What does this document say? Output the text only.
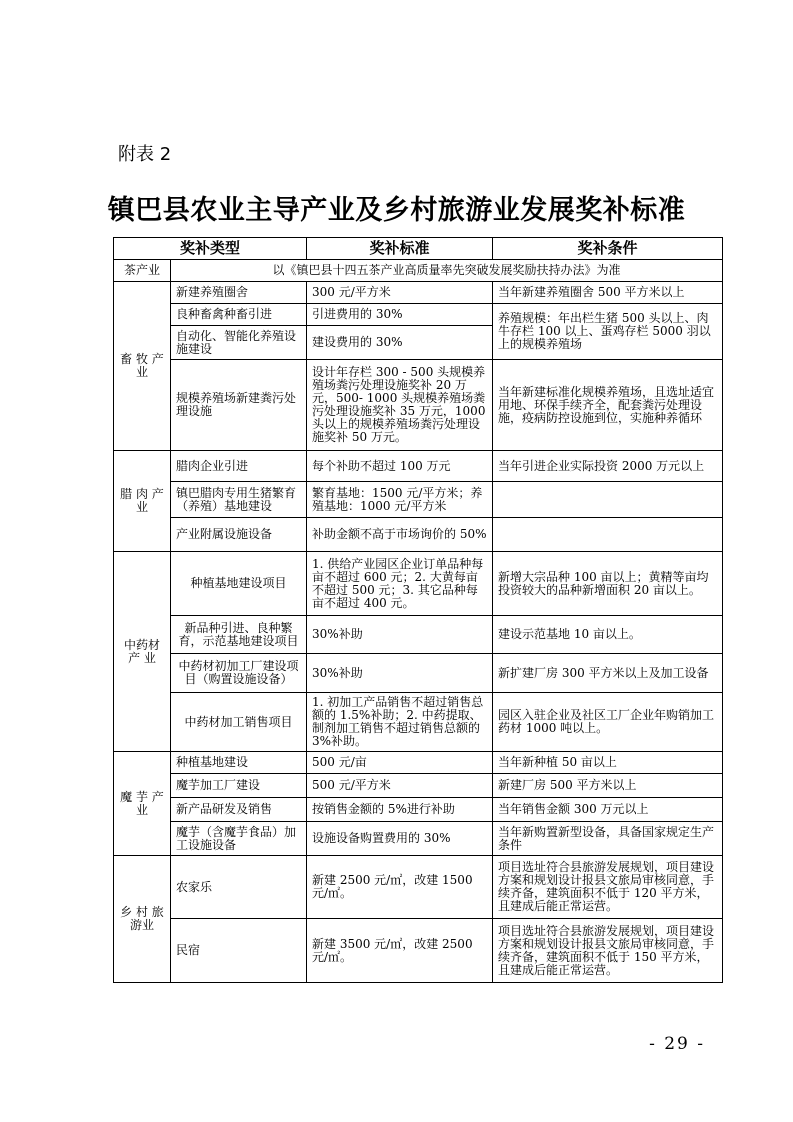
附表 2
镇巴县农业主导产业及乡村旅游业发展奖补标准
奖补类型		奖补标准	奖补条件
茶产业	以《镇巴县十四五茶产业高质量率先突破发展奖励扶持办法》为准		
畜 牧 产 业	新建养殖圈舍	300 元/平方米	当年新建养殖圈舍 500 平方米以上
	良种畜禽种畜引进	引进费用的 30%	养殖规模：年出栏生猪 500 头以上、肉牛存栏 100 以上、蛋鸡存栏 5000 羽以上的规模养殖场
	自动化、智能化养殖设施建设	建设费用的 30%	
	规模养殖场新建粪污处理设施	设计年存栏 300 - 500 头规模养殖场粪污处理设施奖补 20 万元，500- 1000 头规模养殖场粪污处理设施奖补 35 万元，1000 头以上的规模养殖场粪污处理设施奖补 50 万元。	当年新建标准化规模养殖场，且选址适宜用地、环保手续齐全，配套粪污处理设施，疫病防控设施到位，实施种养循环
腊 肉 产 业	腊肉企业引进	每个补助不超过 100 万元	当年引进企业实际投资 2000 万元以上
	镇巴腊肉专用生猪繁育（养殖）基地建设	繁育基地：1500 元/平方米；养殖基地：1000 元/平方米	
	产业附属设施设备	补助金额不高于市场询价的 50%	
中药材 产 业	种植基地建设项目	1. 供给产业园区企业订单品种每亩不超过 600 元；2. 大黄每亩不超过 500 元；3. 其它品种每亩不超过 400 元。	新增大宗品种 100 亩以上；黄精等亩均投资较大的品种新增面积 20 亩以上。
	新品种引进、良种繁育，示范基地建设项目	30%补助	建设示范基地 10 亩以上。
	中药材初加工厂建设项目（购置设施设备）	30%补助	新扩建厂房 300 平方米以上及加工设备
	中药材加工销售项目	1. 初加工产品销售不超过销售总额的 1.5%补助；2. 中药提取、制剂加工销售不超过销售总额的 3%补助。	园区入驻企业及社区工厂企业年购销加工药材 1000 吨以上。
魔 芋 产 业	种植基地建设	500 元/亩	当年新种植 50 亩以上
	魔芋加工厂建设	500 元/平方米	新建厂房 500 平方米以上
	新产品研发及销售	按销售金额的 5%进行补助	当年销售金额 300 万元以上
	魔芋（含魔芋食品）加工设施设备	设施设备购置费用的 30%	当年新购置新型设备，具备国家规定生产条件
乡 村 旅游业	农家乐	新建 2500 元/㎡，改建 1500 元/㎡。	项目选址符合县旅游发展规划，项目建设方案和规划设计报县文旅局审核同意，手续齐备，建筑面积不低于 120 平方米，且建成后能正常运营。
	民宿	新建 3500 元/㎡，改建 2500 元/㎡。	项目选址符合县旅游发展规划，项目建设方案和规划设计报县文旅局审核同意，手续齐备，建筑面积不低于 150 平方米，且建成后能正常运营。
- 29 -
